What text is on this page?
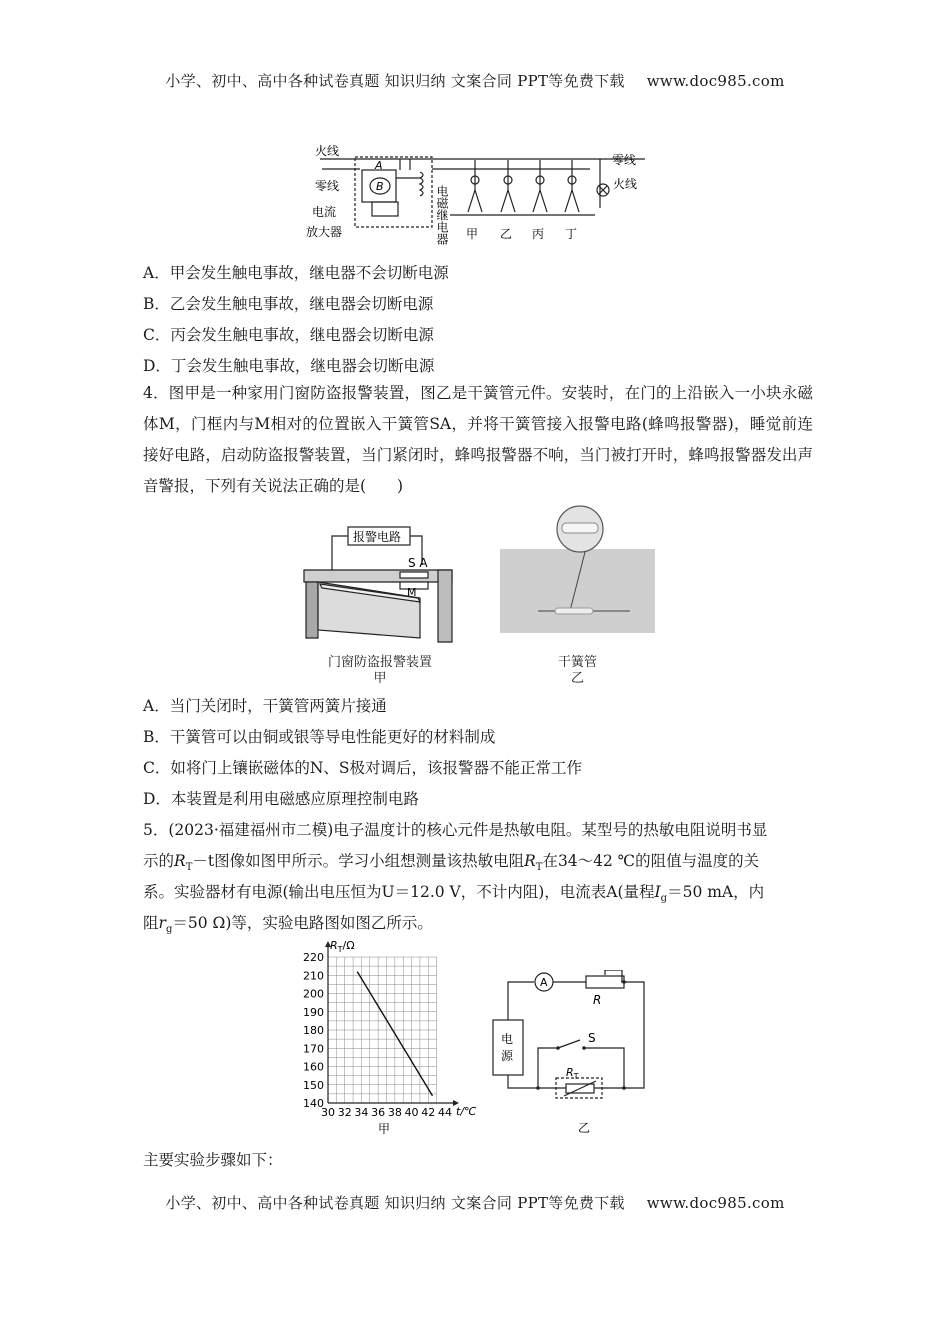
小学、初中、高中各种试卷真题 知识归纳 文案合同 PPT等免费下载 www.doc985.com
火线
零线
电流
放大器
A
B	电磁继电器
零线
火线
甲 乙 丙 丁
A．甲会发生触电事故，继电器不会切断电源
B．乙会发生触电事故，继电器会切断电源
C．丙会发生触电事故，继电器会切断电源
D．丁会发生触电事故，继电器会切断电源
4．图甲是一种家用门窗防盗报警装置，图乙是干簧管元件。安装时，在门的上沿嵌入一小块永磁体M，门框内与M相对的位置嵌入干簧管SA，并将干簧管接入报警电路(蜂鸣报警器)，睡觉前连接好电路，启动防盗报警装置，当门紧闭时，蜂鸣报警器不响，当门被打开时，蜂鸣报警器发出声音警报，下列有关说法正确的是(　　)
报警电路
S A
M
门窗防盗报警装置
甲
干簧管
乙
A．当门关闭时，干簧管两簧片接通
B．干簧管可以由铜或银等导电性能更好的材料制成
C．如将门上镶嵌磁体的N、S极对调后，该报警器不能正常工作
D．本装置是利用电磁感应原理控制电路
5．(2023·福建福州市二模)电子温度计的核心元件是热敏电阻。某型号的热敏电阻说明书显
示的$R_T-t$图像如图甲所示。学习小组想测量该热敏电阻$R_T$在34～42 ℃的阻值与温度的关
系。实验器材有电源(输出电压恒为U＝12.0 V，不计内阻)，电流表A(量程$I_g=50$ mA，内
阻$r_g=50$ Ω)等，实验电路图如图乙所示。
30 32 34 36 38 40 42 44
140
150
160
170
180
190
200
210
220
$R_T/\Omega$
t/℃
甲
A
R
电
源
S
$R_T$
乙
主要实验步骤如下：
小学、初中、高中各种试卷真题 知识归纳 文案合同 PPT等免费下载 www.doc985.com
